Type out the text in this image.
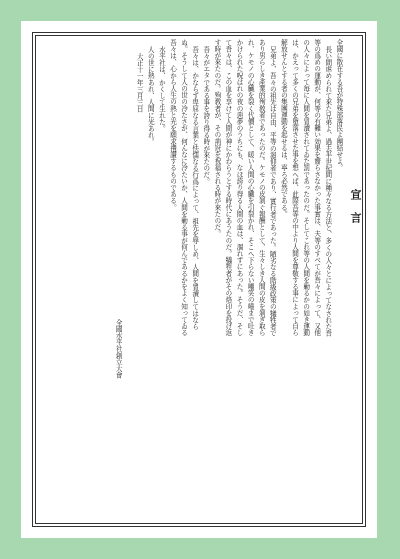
宣 言
全國に散在する吾が特殊部落民よ團結せよ。
長い間虐められて來た兄弟よ、過去半世紀間に種々なる方法と、多くの人々とによってなされた吾
等の爲めの運動が、何等の有難い効果を齎らさなかった事實は、夫等のすべてが吾々によって、又他
の人々によって毎に人間を冒瀆されてゐた罰であったのだ。そしてこれ等の人間を勦るかの如き運動
は、かえって多くの兄弟を墮落させた事を想へば、此際吾等の中より人間を尊敬する事によって自ら
解放せんとする者の集團運動を起せるは、寧ろ必然である。
兄弟よ、吾々の祖先は自由、平等の渇仰者であり、實行者であった。陋劣なる階級政策の犠牲者で
あり男らしき產業的殉敎者であったのだ。ケモノの皮剝ぐ報酬として、生々しき人間の皮を剝ぎ取ら
れ、ケモノの心臟を裂く代價として、暖い人間の心臟を引裂かれ、そこへ下らない嘲笑の唾まで吐き
かけられた呪はれの夜の惡夢のうちにも、なほ誇り得る人間の血は、涸れずにあった。そうだ、そし
て吾々は、この血を享けて人間が神にかわらうとする時代にあうたのだ。犠牲者がその烙印を投げ返
す時が來たのだ。殉敎者が、その荊冠を祝福される時が來たのだ。
吾々がエタである事を誇り得る時が來たのだ。
吾々は、かならず卑屈なる言葉と怯懦なる行爲によって、祖先を辱しめ、人間を冒瀆してはなら
ぬ。そうして人の世の冷たさが、何んなに冷たいか、人間を勦る事が何んであるかをよく知ってゐる
吾々は、心から人生の熱と光を願求禮讃するものである。
水平社は、かくして生れた。
人の世に熱あれ、人間に光あれ。
大正十一年三月三日
全國水平社創立大會
